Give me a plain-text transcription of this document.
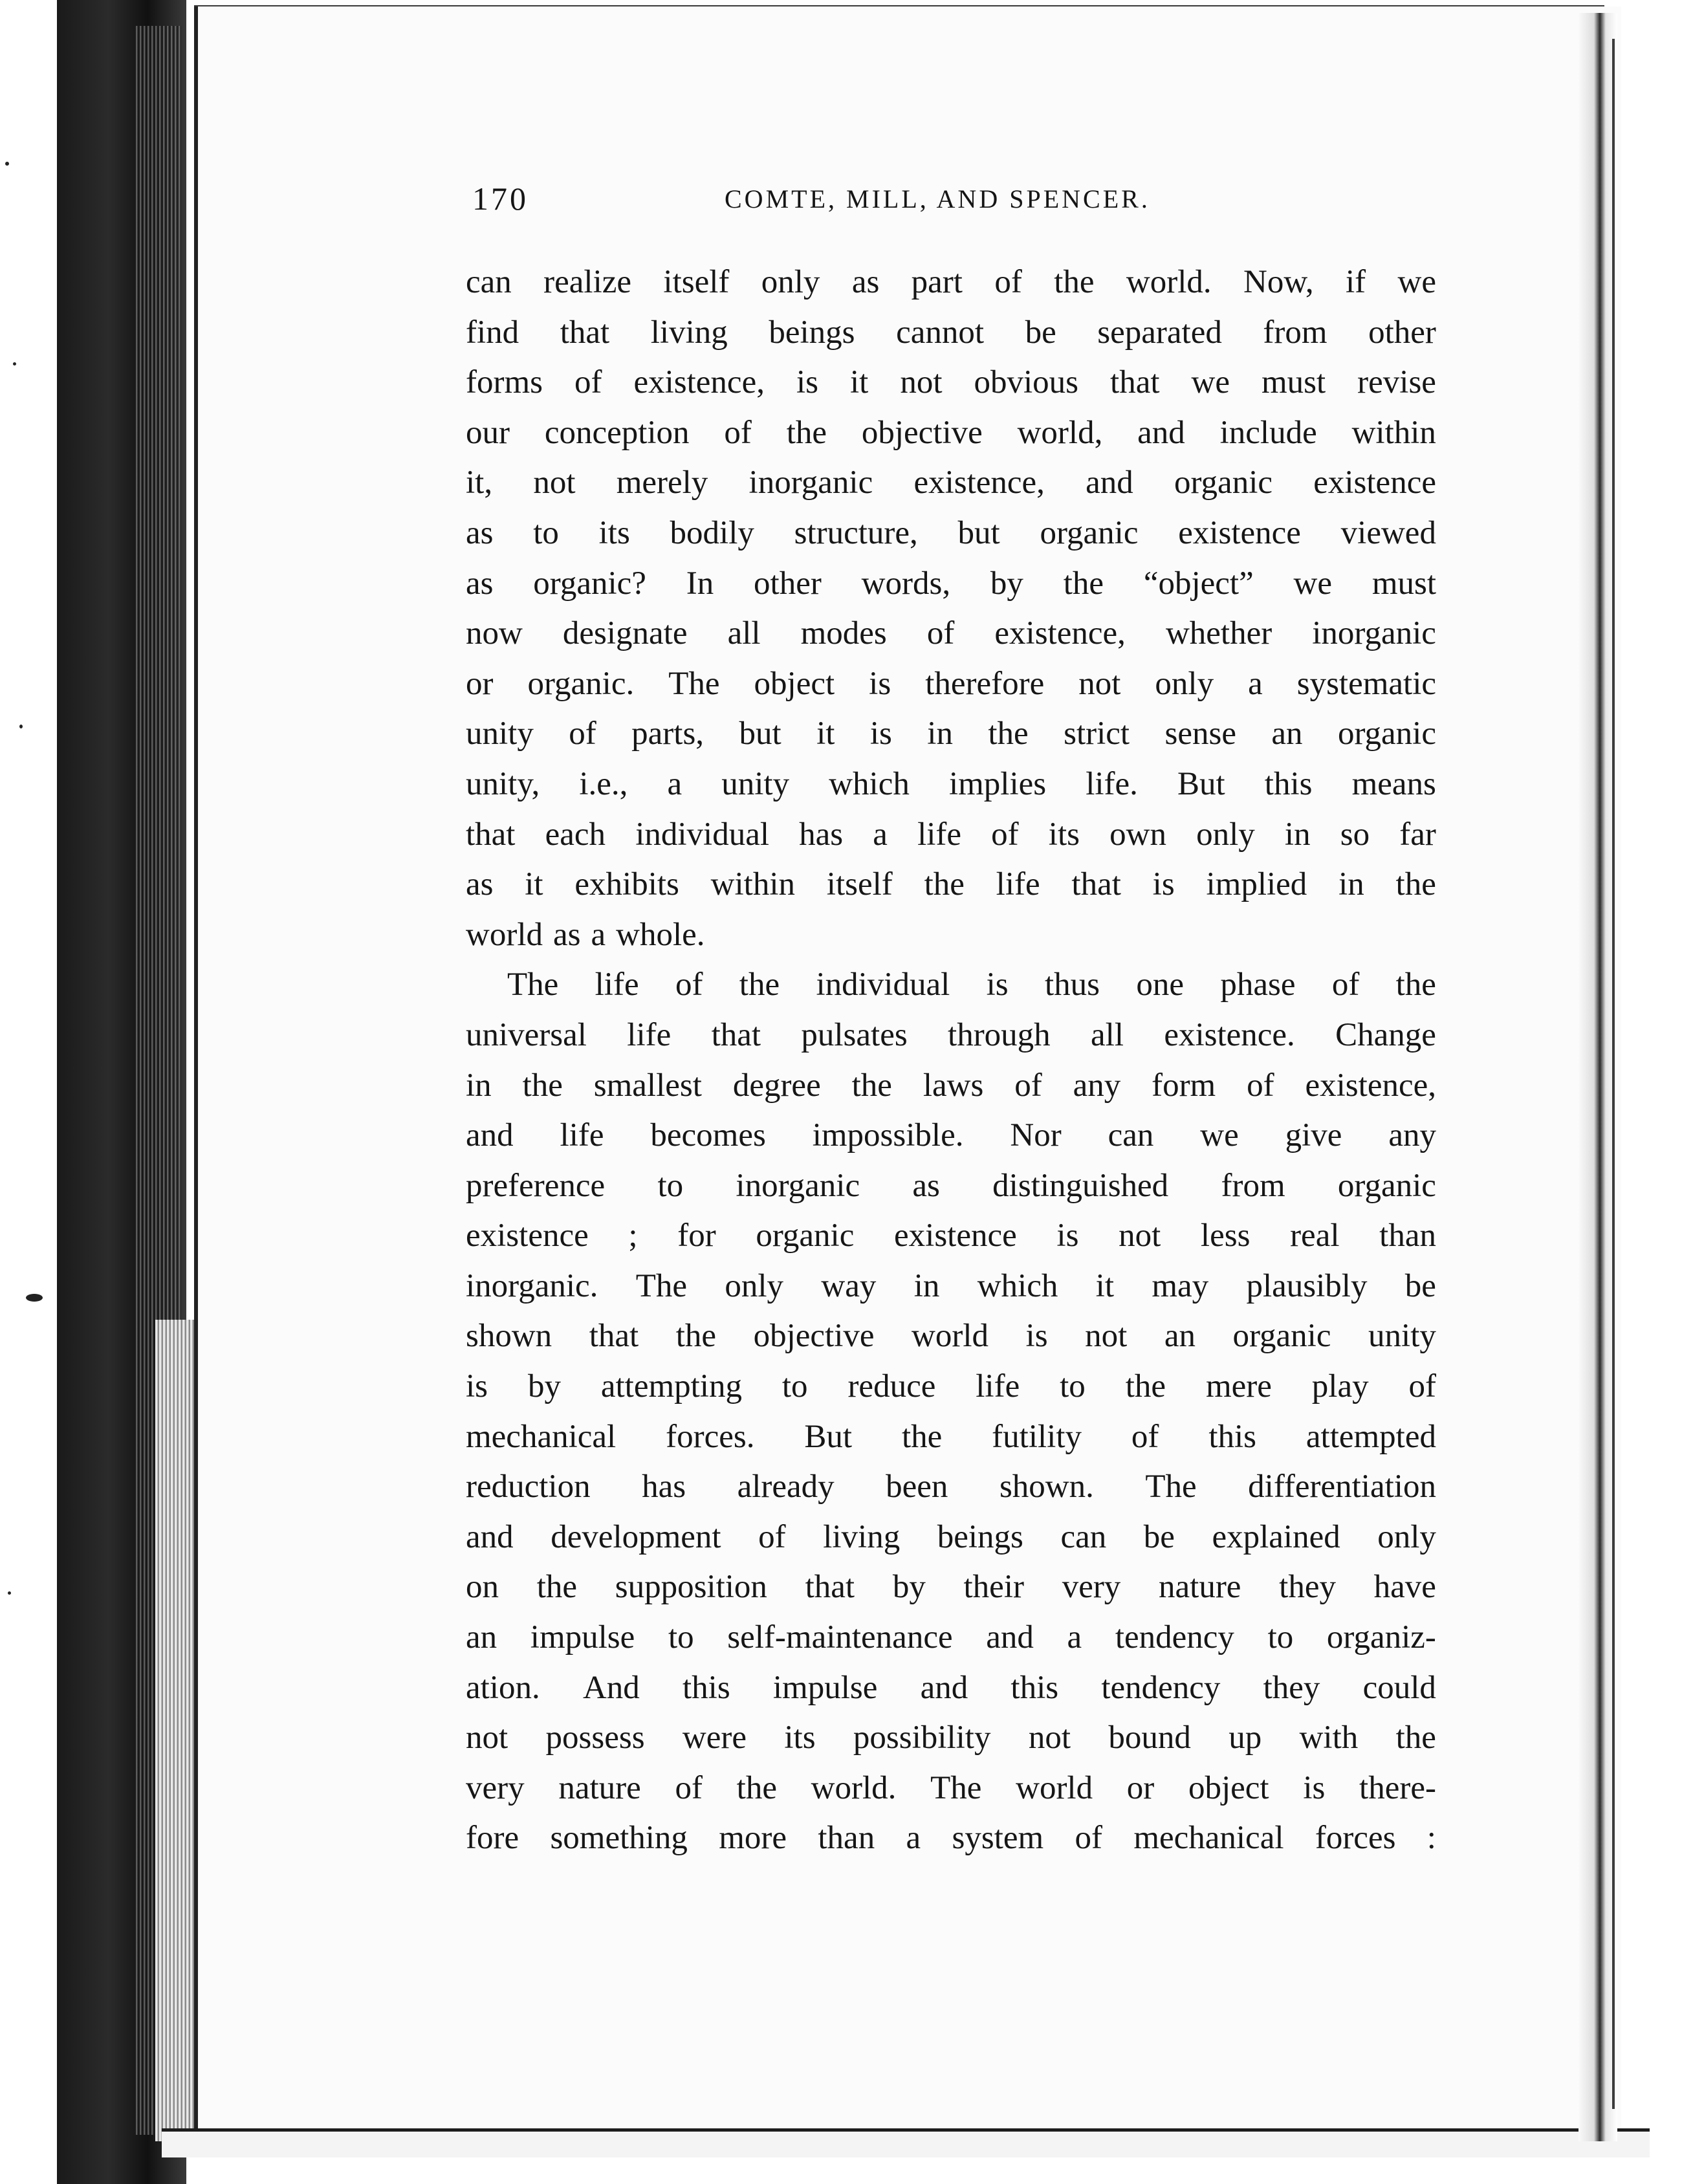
170	COMTE, MILL, AND SPENCER.
can realize itself only as part of the world. Now, if we
find that living beings cannot be separated from other
forms of existence, is it not obvious that we must revise
our conception of the objective world, and include within
it, not merely inorganic existence, and organic existence
as to its bodily structure, but organic existence viewed
as organic? In other words, by the “object” we must
now designate all modes of existence, whether inorganic
or organic. The object is therefore not only a systematic
unity of parts, but it is in the strict sense an organic
unity, i.e., a unity which implies life. But this means
that each individual has a life of its own only in so far
as it exhibits within itself the life that is implied in the
world as a whole.
The life of the individual is thus one phase of the
universal life that pulsates through all existence. Change
in the smallest degree the laws of any form of existence,
and life becomes impossible. Nor can we give any
preference to inorganic as distinguished from organic
existence ; for organic existence is not less real than
inorganic. The only way in which it may plausibly be
shown that the objective world is not an organic unity
is by attempting to reduce life to the mere play of
mechanical forces. But the futility of this attempted
reduction has already been shown. The differentiation
and development of living beings can be explained only
on the supposition that by their very nature they have
an impulse to self-maintenance and a tendency to organiz-
ation. And this impulse and this tendency they could
not possess were its possibility not bound up with the
very nature of the world. The world or object is there-
fore something more than a system of mechanical forces :
